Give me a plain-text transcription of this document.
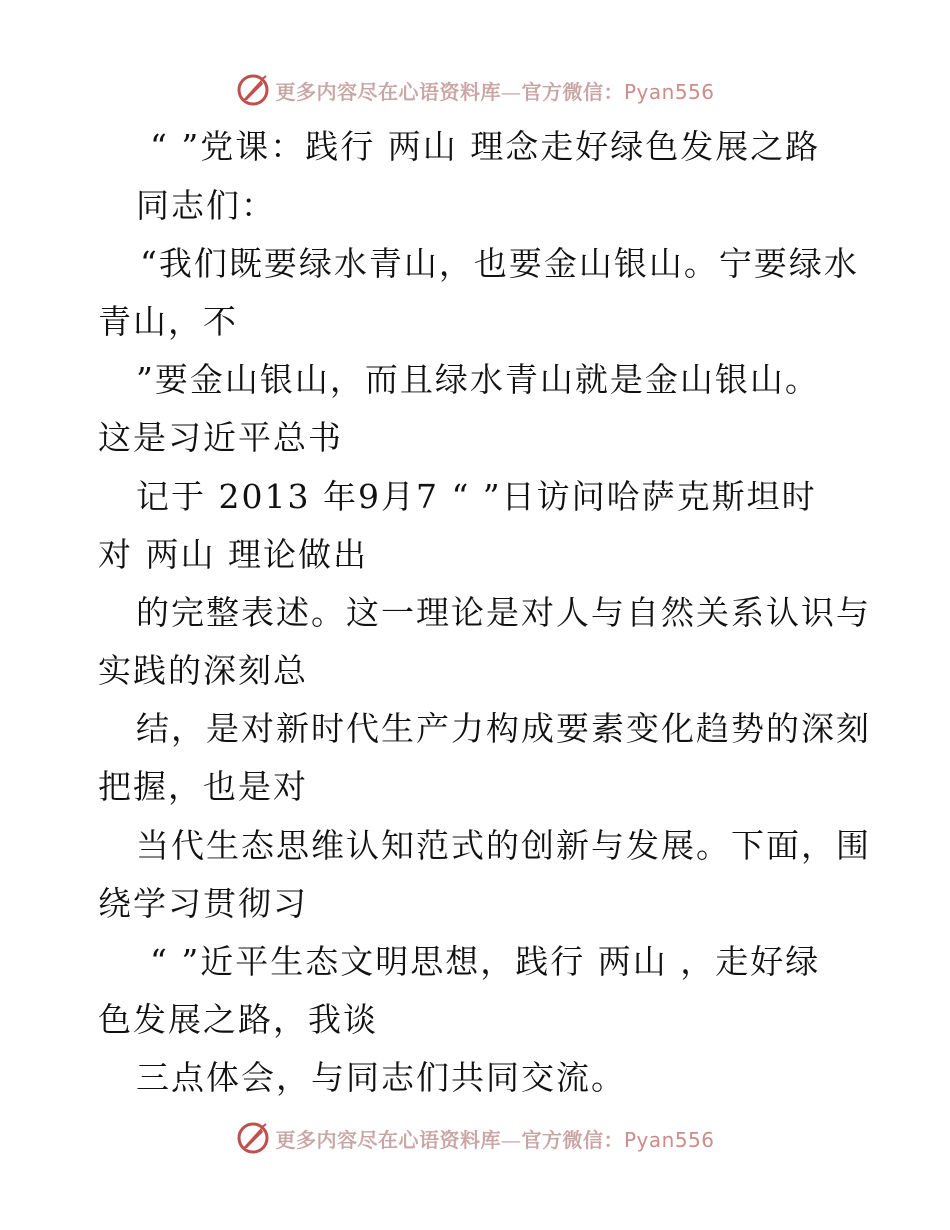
更多内容尽在心语资料库—官方微信：Pyan556
“ ”党课：践行 两山 理念走好绿色发展之路
同志们：
“我们既要绿水青山，也要金山银山。宁要绿水
青山，不
”要金山银山，而且绿水青山就是金山银山。
这是习近平总书
记于 2013 年9月7 “ ”日访问哈萨克斯坦时
对 两山 理论做出
的完整表述。这一理论是对人与自然关系认识与
实践的深刻总
结，是对新时代生产力构成要素变化趋势的深刻
把握，也是对
当代生态思维认知范式的创新与发展。下面，围
绕学习贯彻习
“ ”近平生态文明思想，践行 两山 ，走好绿
色发展之路，我谈
三点体会，与同志们共同交流。
更多内容尽在心语资料库—官方微信：Pyan556
